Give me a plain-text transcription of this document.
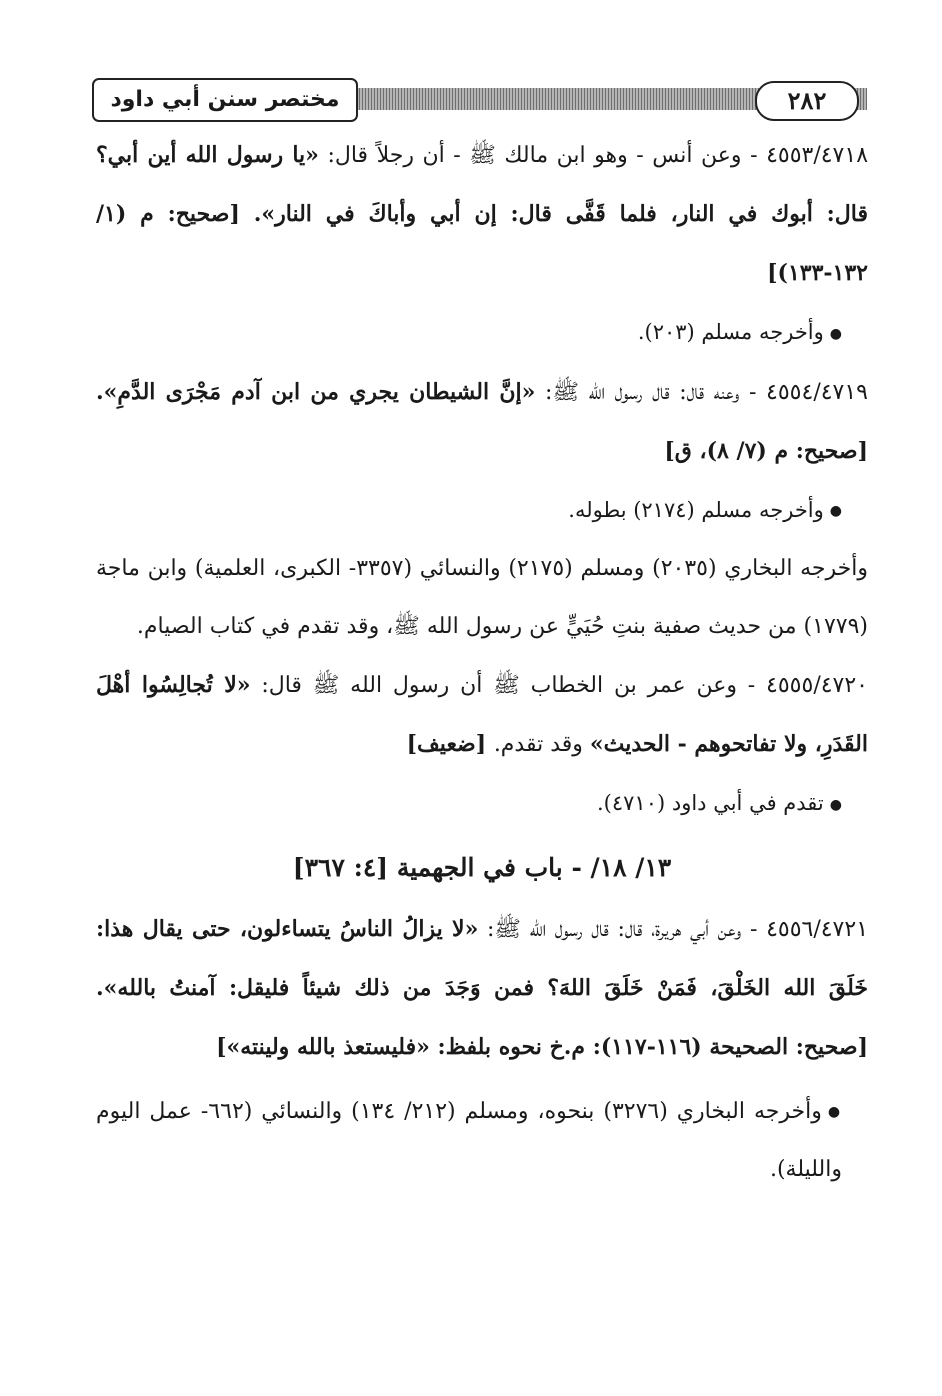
٢٨٢
مختصر سنن أبي داود

٤٥٥٣/٤٧١٨ - وعن أنس - وهو ابن مالك ﷺ - أن رجلاً قال: «يا رسول الله أين أبي؟ قال: أبوك في النار، فلما قَفَّى قال: إن أبي وأباكَ في النار». [صحيح: م (١/ ١٣٢-١٣٣)]

●وأخرجه مسلم (٢٠٣).

٤٥٥٤/٤٧١٩ - وعنه قال: قال رسول الله ﷺ: «إنَّ الشيطان يجري من ابن آدم مَجْرَى الدَّمِ». [صحيح: م (٧/ ٨)، ق]

●وأخرجه مسلم (٢١٧٤) بطوله.

وأخرجه البخاري (٢٠٣٥) ومسلم (٢١٧٥) والنسائي (٣٣٥٧- الكبرى، العلمية) وابن ماجة (١٧٧٩) من حديث صفية بنتِ حُيَيٍّ عن رسول الله ﷺ، وقد تقدم في كتاب الصيام.

٤٥٥٥/٤٧٢٠ - وعن عمر بن الخطاب ﷺ أن رسول الله ﷺ قال: «لا تُجالِسُوا أهْلَ القَدَرِ، ولا تفاتحوهم - الحديث» وقد تقدم. [ضعيف]

●تقدم في أبي داود (٤٧١٠).

١٣/ ١٨/ - باب في الجهمية [٤: ٣٦٧]

٤٥٥٦/٤٧٢١ - وعن أبي هريرة، قال: قال رسول الله ﷺ: «لا يزالُ الناسُ يتساءلون، حتى يقال هذا: خَلَقَ الله الخَلْقَ، فَمَنْ خَلَقَ اللهَ؟ فمن وَجَدَ من ذلك شيئاً فليقل: آمنتُ بالله». [صحيح: الصحيحة (١١٦-١١٧): م.خ نحوه بلفظ: «فليستعذ بالله ولينته»]

●وأخرجه البخاري (٣٢٧٦) بنحوه، ومسلم (٢١٢/ ١٣٤) والنسائي (٦٦٢- عمل اليوم والليلة).
